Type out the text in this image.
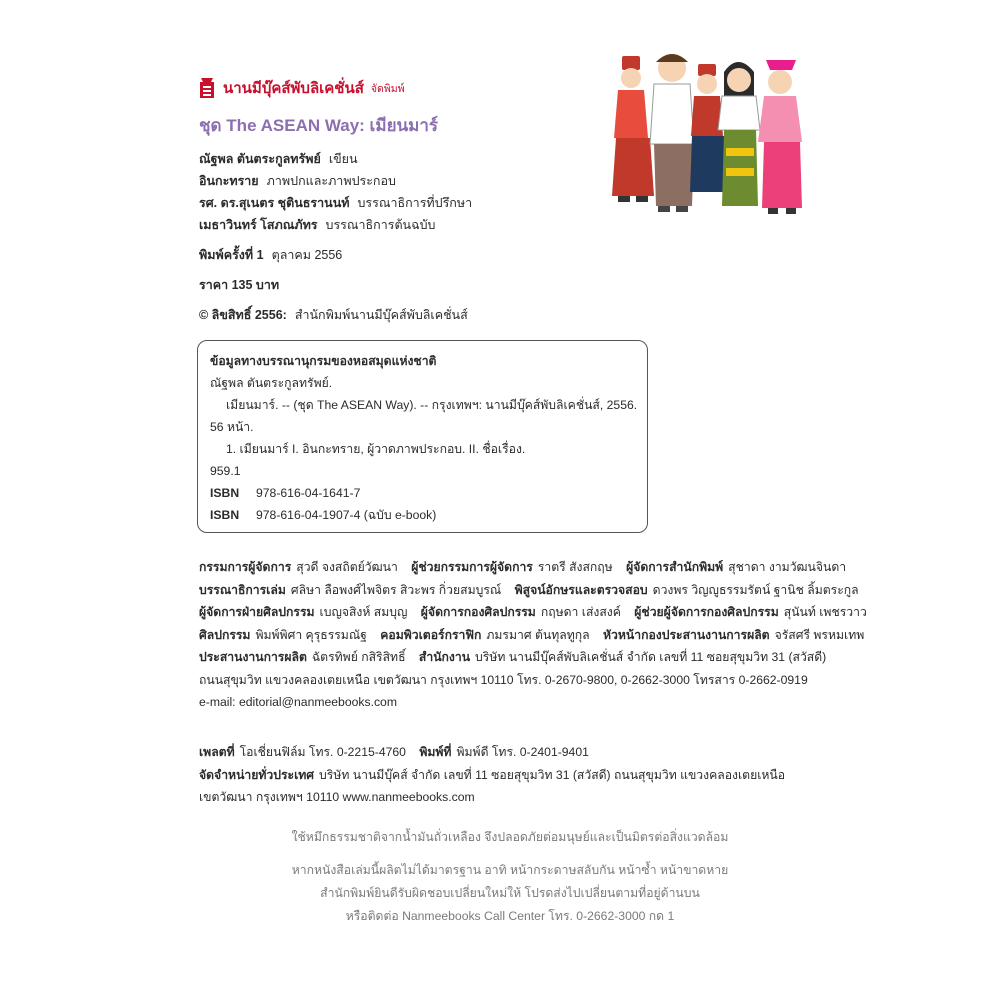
นานมีบุ๊คส์พับลิเคชั่นส์ จัดพิมพ์
ชุด The ASEAN Way: เมียนมาร์
ณัฐพล ตันตระกูลทรัพย์ เขียน
อินกะทราย ภาพปกและภาพประกอบ
รศ. ดร.สุเนตร ชุตินธรานนท์ บรรณาธิการที่ปรึกษา
เมธาวินทร์ โสภณภัทร บรรณาธิการต้นฉบับ
พิมพ์ครั้งที่ 1 ตุลาคม 2556
ราคา 135 บาท
© ลิขสิทธิ์ 2556: สำนักพิมพ์นานมีบุ๊คส์พับลิเคชั่นส์
ข้อมูลทางบรรณานุกรมของหอสมุดแห่งชาติ
ณัฐพล ตันตระกูลทรัพย์.
เมียนมาร์. -- (ชุด The ASEAN Way). -- กรุงเทพฯ: นานมีบุ๊คส์พับลิเคชั่นส์, 2556.
56 หน้า.
1. เมียนมาร์ I. อินกะทราย, ผู้วาดภาพประกอบ. II. ชื่อเรื่อง.
959.1
ISBN 978-616-04-1641-7
ISBN 978-616-04-1907-4 (ฉบับ e-book)
กรรมการผู้จัดการ สุวดี จงสถิตย์วัฒนา ผู้ช่วยกรรมการผู้จัดการ ราตรี สังสกฤษ ผู้จัดการสำนักพิมพ์ สุชาดา งามวัฒนจินดา
บรรณาธิการเล่ม ศลิษา ลือพงศ์ไพจิตร สิวะพร กิ่วยสมบูรณ์ พิสูจน์อักษรและตรวจสอบ ดวงพร วิญญูธรรมรัตน์ ฐานิช ลิ้มตระกูล
ผู้จัดการฝ่ายศิลปกรรม เบญจสิงห์ สมบุญ ผู้จัดการกองศิลปกรรม กฤษดา เส่งสงค์ ผู้ช่วยผู้จัดการกองศิลปกรรม สุนันท์ เพชรวาว
ศิลปกรรม พิมพ์พิศา คุรุธรรมณัฐ คอมพิวเตอร์กราฟิก ภมรมาศ ต้นทุลทูกุล หัวหน้ากองประสานงานการผลิต จรัสศรี พรหมเทพ
ประสานงานการผลิต ฉัตรทิพย์ กสิริสิทธิ์ สำนักงาน บริษัท นานมีบุ๊คส์พับลิเคชั่นส์ จำกัด เลขที่ 11 ซอยสุขุมวิท 31 (สวัสดี)
ถนนสุขุมวิท แขวงคลองเตยเหนือ เขตวัฒนา กรุงเทพฯ 10110 โทร. 0-2670-9800, 0-2662-3000 โทรสาร 0-2662-0919
e-mail: editorial@nanmeebooks.com
เพลตที่ โอเชี่ยนฟิล์ม โทร. 0-2215-4760 พิมพ์ที่ พิมพ์ดี โทร. 0-2401-9401
จัดจำหน่ายทั่วประเทศ บริษัท นานมีบุ๊คส์ จำกัด เลขที่ 11 ซอยสุขุมวิท 31 (สวัสดี) ถนนสุขุมวิท แขวงคลองเตยเหนือ
เขตวัฒนา กรุงเทพฯ 10110 www.nanmeebooks.com
ใช้หมึกธรรมชาติจากน้ำมันถั่วเหลือง จึงปลอดภัยต่อมนุษย์และเป็นมิตรต่อสิ่งแวดล้อม
หากหนังสือเล่มนี้ผลิตไม่ได้มาตรฐาน อาทิ หน้ากระดาษสลับกัน หน้าซ้ำ หน้าขาดหาย
สำนักพิมพ์ยินดีรับผิดชอบเปลี่ยนใหม่ให้ โปรดส่งไปเปลี่ยนตามที่อยู่ด้านบน
หรือติดต่อ Nanmeebooks Call Center โทร. 0-2662-3000 กด 1
